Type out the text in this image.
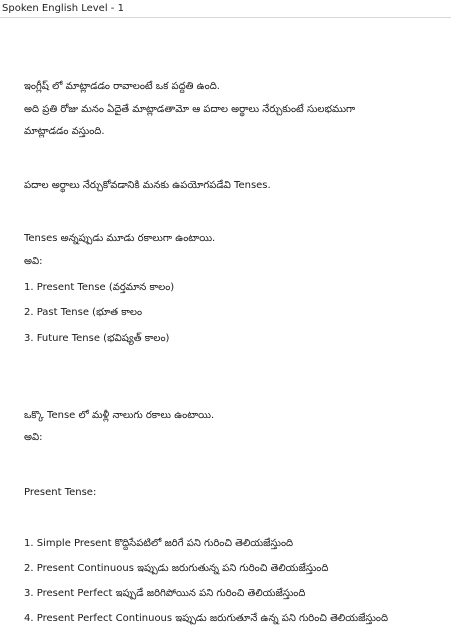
Spoken English Level - 1
ఇంగ్లీష్ లో మాట్లాడడం రావాలంటే ఒక పద్దతి ఉంది.
అది ప్రతి రోజు మనం ఏదైతే మాట్లాడతామో ఆ పదాల అర్థాలు నేర్చుకుంటే సులభముగా
మాట్లాడడం వస్తుంది.
పదాల అర్థాలు నేర్చుకోవడానికి మనకు ఉపయోగపడేవి Tenses.
Tenses అన్నప్పుడు మూడు రకాలుగా ఉంటాయి.
అవి:
1. Present Tense (వర్తమాన కాలం)
2. Past Tense (భూత కాలం
3. Future Tense (భవిష్యత్ కాలం)
ఒక్కొ Tense లో మళ్లీ నాలుగు రకాలు ఉంటాయి.
అవి:
Present Tense:
1. Simple Present కొద్దిసేపటిలో జరిగే పని గురించి తెలియజేస్తుంది
2. Present Continuous ఇప్పుడు జరుగుతున్న పని గురించి తెలియజేస్తుంది
3. Present Perfect ఇప్పుడే జరిగిపోయిన పని గురించి తెలియజేస్తుంది
4. Present Perfect Continuous ఇప్పుడు జరుగుతూనే ఉన్న పని గురించి తెలియజేస్తుంది
